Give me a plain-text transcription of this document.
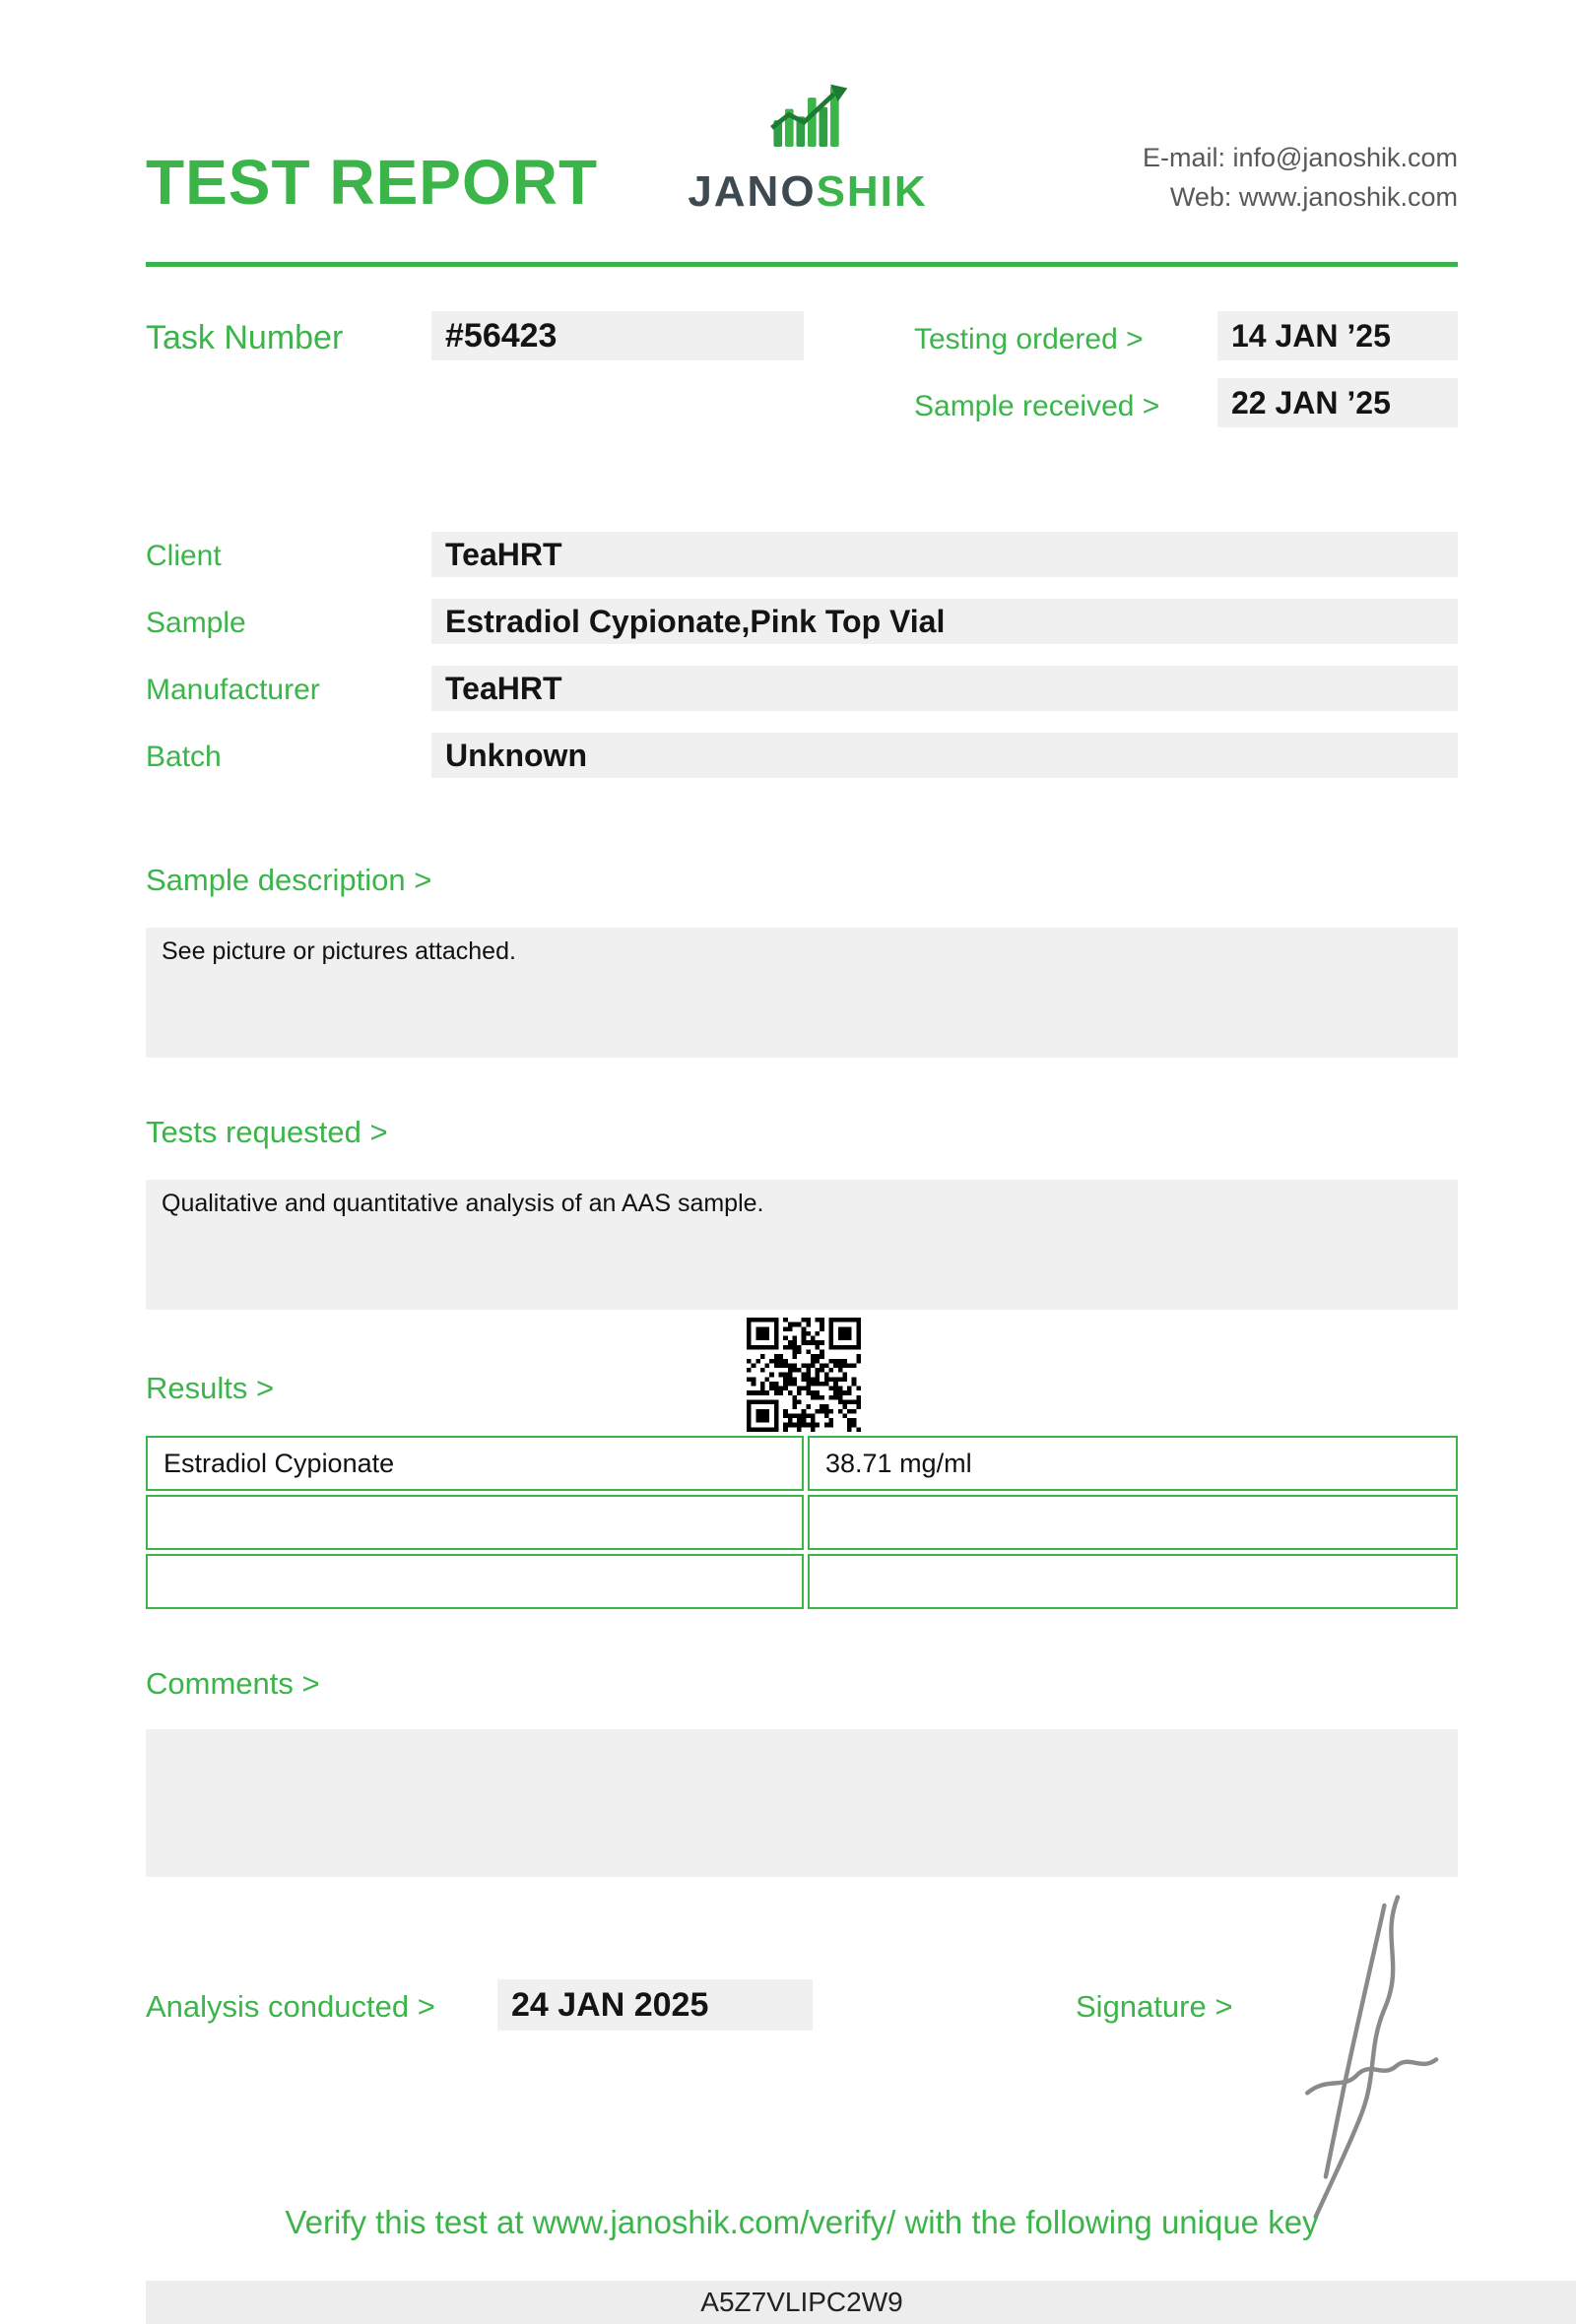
TEST REPORT JANOSHIK
E-mail: info@janoshik.com
Web: www.janoshik.com
Task Number	#56423	Testing ordered >	14 JAN ’25
Sample received >	22 JAN ’25
Client	TeaHRT
Sample	Estradiol Cypionate,Pink Top Vial
Manufacturer	TeaHRT
Batch	Unknown
Sample description >
See picture or pictures attached.
Tests requested >
Qualitative and quantitative analysis of an AAS sample.
Results >
Estradiol Cypionate	38.71 mg/ml
Comments >
Analysis conducted >	24 JAN 2025	Signature >
Verify this test at www.janoshik.com/verify/ with the following unique key
A5Z7VLIPC2W9
